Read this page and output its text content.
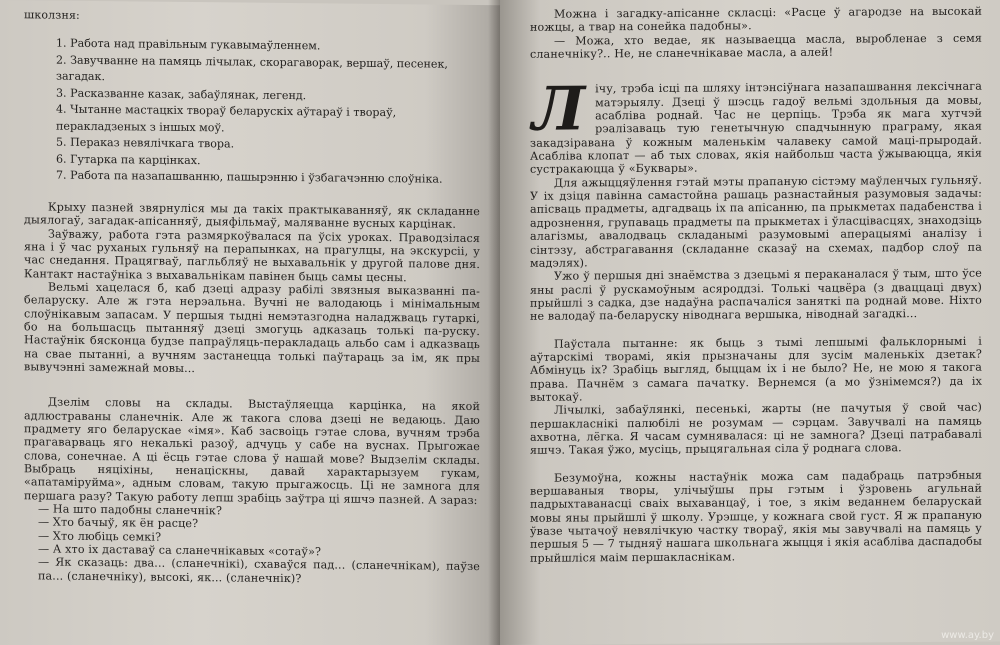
школзня:

1. Работа над правільным гукавымаўленнем.
2. Завучванне на памяць лічылак, скорагаворак, вершаў, песенек, загадак.
3. Расказванне казак, забаўлянак, легенд.
4. Чытанне мастацкіх твораў беларускіх аўтараў і твораў, перакладзеных з іншых моў.
5. Пераказ невялічкага твора.
6. Гутарка па карцінках.
7. Работа па назапашванню, пашырэнню і ўзбагачэнню слоўніка.

Крыху пазней звярнуліся мы да такіх практыкаванняў, як складанне дыялогаў, загадак-апісанняў, дыяфільмаў, маляванне вусных карцінак.

Заўважу, работа гэта размяркоўвалася па ўсіх уроках. Праводзілася яна і ў час руханых гульняў на перапынках, на прагулцы, на экскурсіі, у час снедання. Працягваў, пагльбляў не выхавальнік у другой палове дня. Кантакт настаўніка з выхавальнікам павінен быць самы цесны.

Вельмі хацелася б, каб дзеці адразу рабілі звязныя выказванні па-беларуску. Але ж гэта нерэальна. Вучні не валодаюць і мінімальным слоўнікавым запасам. У першыя тыдні немэтазгодна наладжваць гутаркі, бо на большасць пытанняў дзеці змогуць адказаць толькі па-руску. Настаўнік бясконца будзе папраўляць-перакладаць альбо сам і адказваць на свае пытанні, а вучням застанецца толькі паўтараць за ім, як пры вывучэнні замежнай мовы...

Дзелім словы на склады. Выстаўляецца карцінка, на якой адлюстраваны сланечнік. Але ж такога слова дзеці не ведаюць. Даю прадмету яго беларускае «імя». Каб засвоіць гэтае слова, вучням трэба прагаварваць яго некалькі разоў, адчуць у сабе на вуснах. Прыгожае слова, сонечнае. А ці ёсць гэтае слова ў нашай мове? Выдзелім склады. Выбраць няціхіны, ненаціскны, давай характарызуем гукам, «апатаміруйма», адным словам, такую прыгажосць. Ці не замнога для першага разу? Такую работу лепш зрабіць заўтра ці яшчэ пазней. А зараз:

— На што падобны сланечнік?

— Хто бачыў, як ён расце?

— Хто любіць семкі?

— А хто іх даставаў са сланечнікавых «сотаў»?

— Як сказаць: два... (сланечнікі), схаваўся пад... (сланечнікам), паўзе па... (сланечніку), высокі, як... (сланечнік)?

Можна і загадку-апісанне скласці: «Расце ў агародзе на высокай ножцы, а твар на сонейка падобны».

— Можа, хто ведае, як называецца масла, выробленае з семя сланечніку?.. Не, не сланечнікавае масла, а алей!

Л ічу, трэба ісці па шляху інтэнсіўнага назапашвання лексічнага матэрыялу. Дзеці ў шэсць гадоў вельмі здольныя да мовы, асабліва роднай. Час не церпіць. Трэба як мага хутчэй рэалізаваць тую генетычную спадчынную праграму, якая закадзіравана ў кожным маленькім чалавеку самой маці-прыродай. Асабліва клопат — аб тых словах, якія найбольш часта ўжываюцца, якія сустракаюцца ў «Буквары».

Для ажыццяўлення гэтай мэты прапаную сістэму маўленчых гульняў. У іх дзіця павінна самастойна рашаць разнастайныя разумовыя задачы: апісваць прадметы, адгадваць іх па апісанню, па прыкметах падабенства і адрознення, групаваць прадметы па прыкметах і ўласцівасцях, знаходзіць алагізмы, авалодваць складанымі разумовымі аперацыямі аналізу і сінтэзу, абстрагавання (складанне сказаў на схемах, падбор слоў па мадэлях).

Ужо ў першыя дні знаёмства з дзецьмі я пераканалася ў тым, што ўсе яны раслі ў рускамоўным асяроддзі. Толькі чацвёра (з дваццаці двух) прыйшлі з садка, дзе надаўна распачаліся заняткі па роднай мове. Ніхто не валодаў па-беларуску ніводнага вершыка, ніводнай загадкі...

Паўстала пытанне: як быць з тымі лепшымі фальклорнымі і аўтарскімі творамі, якія прызначаны для зусім маленькіх дзетак? Абмінуць іх? Зрабіць выгляд, быццам іх і не было? Не, не мою я такога права. Пачнём з самага пачатку. Вернемся (а мо ўзнімемся?) да іх вытокаў.

Лічылкі, забаўлянкі, песенькі, жарты (не пачутыя ў свой час) першакласнікі палюбілі не розумам — сэрцам. Завучвалі на памяць ахвотна, лёгка. Я часам сумнявалася: ці не замнога? Дзеці патрабавалі яшчэ. Такая ўжо, мусіць, прыцягальная сіла ў роднага слова.

Безумоўна, кожны настаўнік можа сам падабраць патрэбныя вершаваныя творы, улічыўшы пры гэтым і ўзровень агульнай падрыхтаванасці сваіх выхаванцаў, і тое, з якім веданнем беларускай мовы яны прыйшлі ў школу. Урэшце, у кожнага свой густ. Я ж прапаную ўвазе чытачоў невялічкую частку твораў, якія мы завучвалі на памяць у першыя 5 — 7 тыдняў нашага школьнага жыцця і якія асабліва даспадобы прыйшліся маім першакласнікам.

www.ay.by
